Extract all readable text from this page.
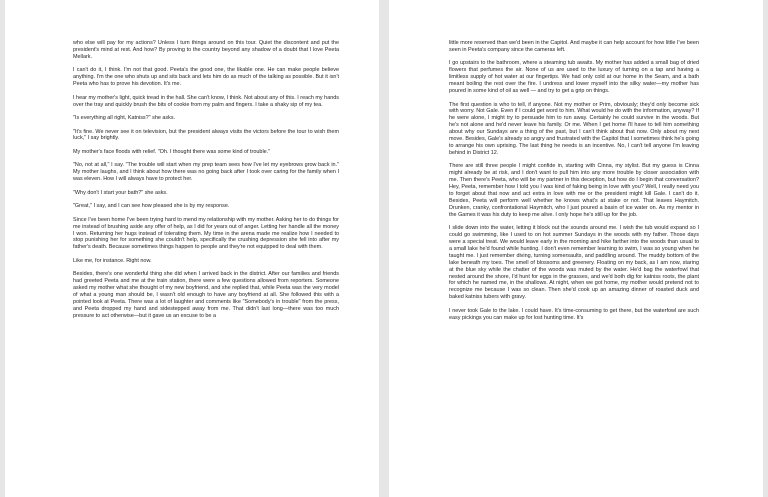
who else will pay for my actions? Unless I turn things around on this tour. Quiet the discontent and put the president's mind at rest. And how? By proving to the country beyond any shadow of a doubt that I love Peeta Mellark.

I can't do it, I think. I'm not that good. Peeta's the good one, the likable one. He can make people believe anything. I'm the one who shuts up and sits back and lets him do as much of the talking as possible. But it isn't Peeta who has to prove his devotion. It's me.

I hear my mother's light, quick tread in the hall. She can't know, I think. Not about any of this. I reach my hands over the tray and quickly brush the bits of cookie from my palm and fingers. I take a shaky sip of my tea.

"Is everything all right, Katniss?" she asks.

"It's fine. We never see it on television, but the president always visits the victors before the tour to wish them luck," I say brightly.

My mother's face floods with relief. "Oh. I thought there was some kind of trouble."

"No, not at all," I say. "The trouble will start when my prep team sees how I've let my eyebrows grow back in." My mother laughs, and I think about how there was no going back after I took over caring for the family when I was eleven. How I will always have to protect her.

"Why don't I start your bath?" she asks.

"Great," I say, and I can see how pleased she is by my response.

Since I've been home I've been trying hard to mend my relationship with my mother. Asking her to do things for me instead of brushing aside any offer of help, as I did for years out of anger. Letting her handle all the money I won. Returning her hugs instead of tolerating them. My time in the arena made me realize how I needed to stop punishing her for something she couldn't help, specifically the crushing depression she fell into after my father's death. Because sometimes things happen to people and they're not equipped to deal with them.

Like me, for instance. Right now.

Besides, there's one wonderful thing she did when I arrived back in the district. After our families and friends had greeted Peeta and me at the train station, there were a few questions allowed from reporters. Someone asked my mother what she thought of my new boyfriend, and she replied that, while Peeta was the very model of what a young man should be, I wasn't old enough to have any boyfriend at all. She followed this with a pointed look at Peeta. There was a lot of laughter and comments like "Somebody's in trouble" from the press, and Peeta dropped my hand and sidestepped away from me. That didn't last long—there was too much pressure to act otherwise—but it gave us an excuse to be a

little more reserved than we'd been in the Capitol. And maybe it can help account for how little I've been seen in Peeta's company since the cameras left.

I go upstairs to the bathroom, where a steaming tub awaits. My mother has added a small bag of dried flowers that perfumes the air. None of us are used to the luxury of turning on a tap and having a limitless supply of hot water at our fingertips. We had only cold at our home in the Seam, and a bath meant boiling the rest over the fire. I undress and lower myself into the silky water—my mother has poured in some kind of oil as well — and try to get a grip on things.

The first question is who to tell, if anyone. Not my mother or Prim, obviously; they'd only become sick with worry. Not Gale. Even if I could get word to him. What would he do with the information, anyway? If he were alone, I might try to persuade him to run away. Certainly he could survive in the woods. But he's not alone and he'd never leave his family. Or me. When I get home I'll have to tell him something about why our Sundays are a thing of the past, but I can't think about that now. Only about my next move. Besides, Gale's already so angry and frustrated with the Capitol that I sometimes think he's going to arrange his own uprising. The last thing he needs is an incentive. No, I can't tell anyone I'm leaving behind in District 12.

There are still three people I might confide in, starting with Cinna, my stylist. But my guess is Cinna might already be at risk, and I don't want to pull him into any more trouble by closer association with me. Then there's Peeta, who will be my partner in this deception, but how do I begin that conversation? Hey, Peeta, remember how I told you I was kind of faking being in love with you? Well, I really need you to forget about that now and act extra in love with me or the president might kill Gale. I can't do it. Besides, Peeta will perform well whether he knows what's at stake or not. That leaves Haymitch. Drunken, cranky, confrontational Haymitch, who I just poured a basin of ice water on. As my mentor in the Games it was his duty to keep me alive. I only hope he's still up for the job.

I slide down into the water, letting it block out the sounds around me. I wish the tub would expand so I could go swimming, like I used to on hot summer Sundays in the woods with my father. Those days were a special treat. We would leave early in the morning and hike farther into the woods than usual to a small lake he'd found while hunting. I don't even remember learning to swim, I was so young when he taught me. I just remember diving, turning somersaults, and paddling around. The muddy bottom of the lake beneath my toes. The smell of blossoms and greenery. Floating on my back, as I am now, staring at the blue sky while the chatter of the woods was muted by the water. He'd bag the waterfowl that nested around the shore, I'd hunt for eggs in the grasses, and we'd both dig for katniss roots, the plant for which he named me, in the shallows. At night, when we got home, my mother would pretend not to recognize me because I was so clean. Then she'd cook up an amazing dinner of roasted duck and baked katniss tubers with gravy.

I never took Gale to the lake. I could have. It's time-consuming to get there, but the waterfowl are such easy pickings you can make up for lost hunting time. It's
